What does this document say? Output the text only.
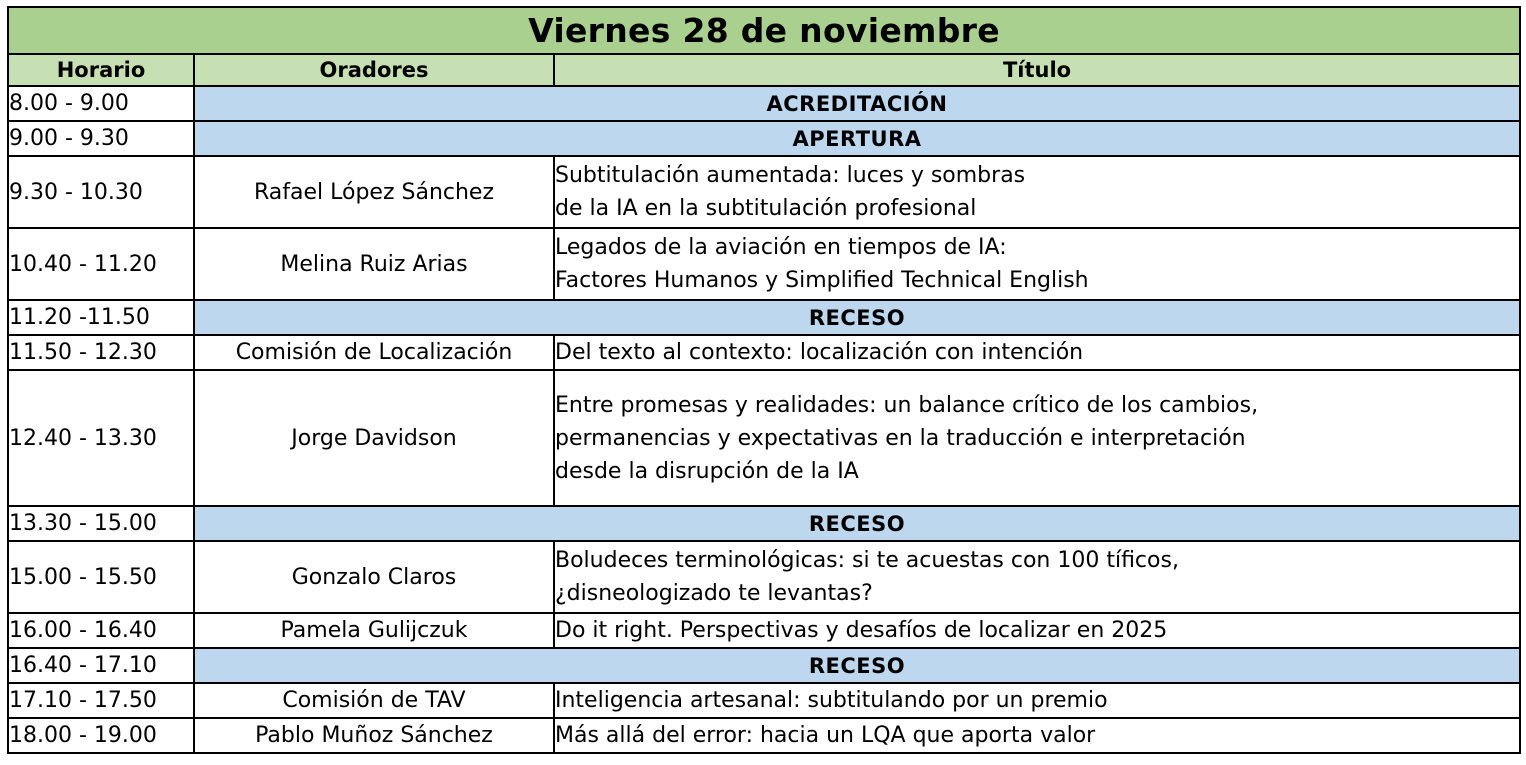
Viernes 28 de noviembre		
Horario	Oradores	Título
8.00 - 9.00	ACREDITACIÓN	
9.00 - 9.30	APERTURA	
9.30 - 10.30	Rafael López Sánchez	Subtitulación aumentada: luces y sombras
de la IA en la subtitulación profesional

10.40 - 11.20	Melina Ruiz Arias	Legados de la aviación en tiempos de IA:
Factores Humanos y Simplified Technical English

11.20 -11.50	RECESO	
11.50 - 12.30	Comisión de Localización	Del texto al contexto: localización con intención

12.40 - 13.30	Jorge Davidson	Entre promesas y realidades: un balance crítico de los cambios,
permanencias y expectativas en la traducción e interpretación
desde la disrupción de la IA

13.30 - 15.00	RECESO	
15.00 - 15.50	Gonzalo Claros	Boludeces terminológicas: si te acuestas con 100 tíficos,
¿disneologizado te levantas?

16.00 - 16.40	Pamela Gulijczuk	Do it right. Perspectivas y desafíos de localizar en 2025

16.40 - 17.10	RECESO	
17.10 - 17.50	Comisión de TAV	Inteligencia artesanal: subtitulando por un premio

18.00 - 19.00	Pablo Muñoz Sánchez	Más allá del error: hacia un LQA que aporta valor
